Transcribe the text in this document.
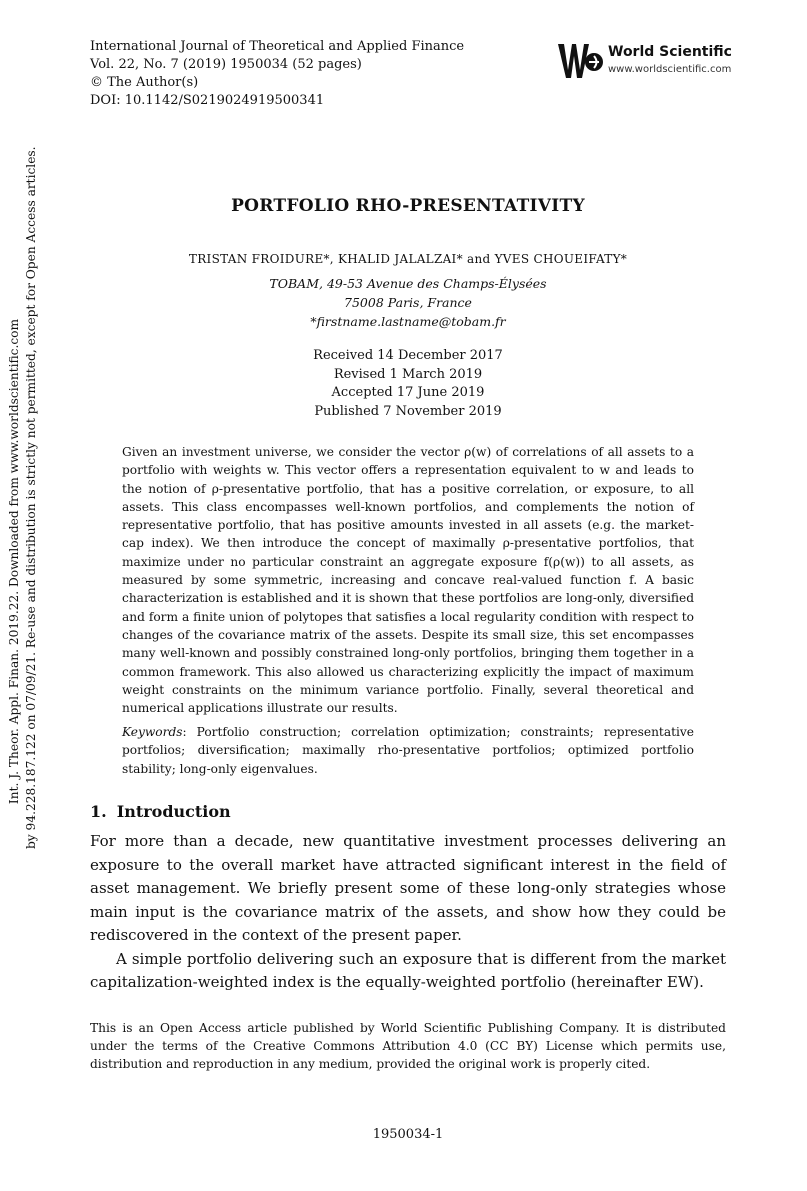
International Journal of Theoretical and Applied Finance
Vol. 22, No. 7 (2019) 1950034 (52 pages)
© The Author(s)
DOI: 10.1142/S0219024919500341
World Scientific
www.worldscientific.com
PORTFOLIO RHO-PRESENTATIVITY
TRISTAN FROIDURE*, KHALID JALALZAI* and YVES CHOUEIFATY*
TOBAM, 49-53 Avenue des Champs-Élysées
75008 Paris, France
*firstname.lastname@tobam.fr
Received 14 December 2017
Revised 1 March 2019
Accepted 17 June 2019
Published 7 November 2019
Given an investment universe, we consider the vector ρ(w) of correlations of all assets to a portfolio with weights w. This vector offers a representation equivalent to w and leads to the notion of ρ-presentative portfolio, that has a positive correlation, or exposure, to all assets. This class encompasses well-known portfolios, and complements the notion of representative portfolio, that has positive amounts invested in all assets (e.g. the market-cap index). We then introduce the concept of maximally ρ-presentative portfolios, that maximize under no particular constraint an aggregate exposure f(ρ(w)) to all assets, as measured by some symmetric, increasing and concave real-valued function f. A basic characterization is established and it is shown that these portfolios are long-only, diversified and form a finite union of polytopes that satisfies a local regularity condition with respect to changes of the covariance matrix of the assets. Despite its small size, this set encompasses many well-known and possibly constrained long-only portfolios, bringing them together in a common framework. This also allowed us characterizing explicitly the impact of maximum weight constraints on the minimum variance portfolio. Finally, several theoretical and numerical applications illustrate our results.
Keywords: Portfolio construction; correlation optimization; constraints; representative portfolios; diversification; maximally rho-presentative portfolios; optimized portfolio stability; long-only eigenvalues.
1. Introduction

For more than a decade, new quantitative investment processes delivering an exposure to the overall market have attracted significant interest in the field of asset management. We briefly present some of these long-only strategies whose main input is the covariance matrix of the assets, and show how they could be rediscovered in the context of the present paper.

A simple portfolio delivering such an exposure that is different from the market capitalization-weighted index is the equally-weighted portfolio (hereinafter EW).

This is an Open Access article published by World Scientific Publishing Company. It is distributed under the terms of the Creative Commons Attribution 4.0 (CC BY) License which permits use, distribution and reproduction in any medium, provided the original work is properly cited.
1950034-1
Int. J. Theor. Appl. Finan. 2019.22. Downloaded from www.worldscientific.com by 94.228.187.122 on 07/09/21. Re-use and distribution is strictly not permitted, except for Open Access articles.
